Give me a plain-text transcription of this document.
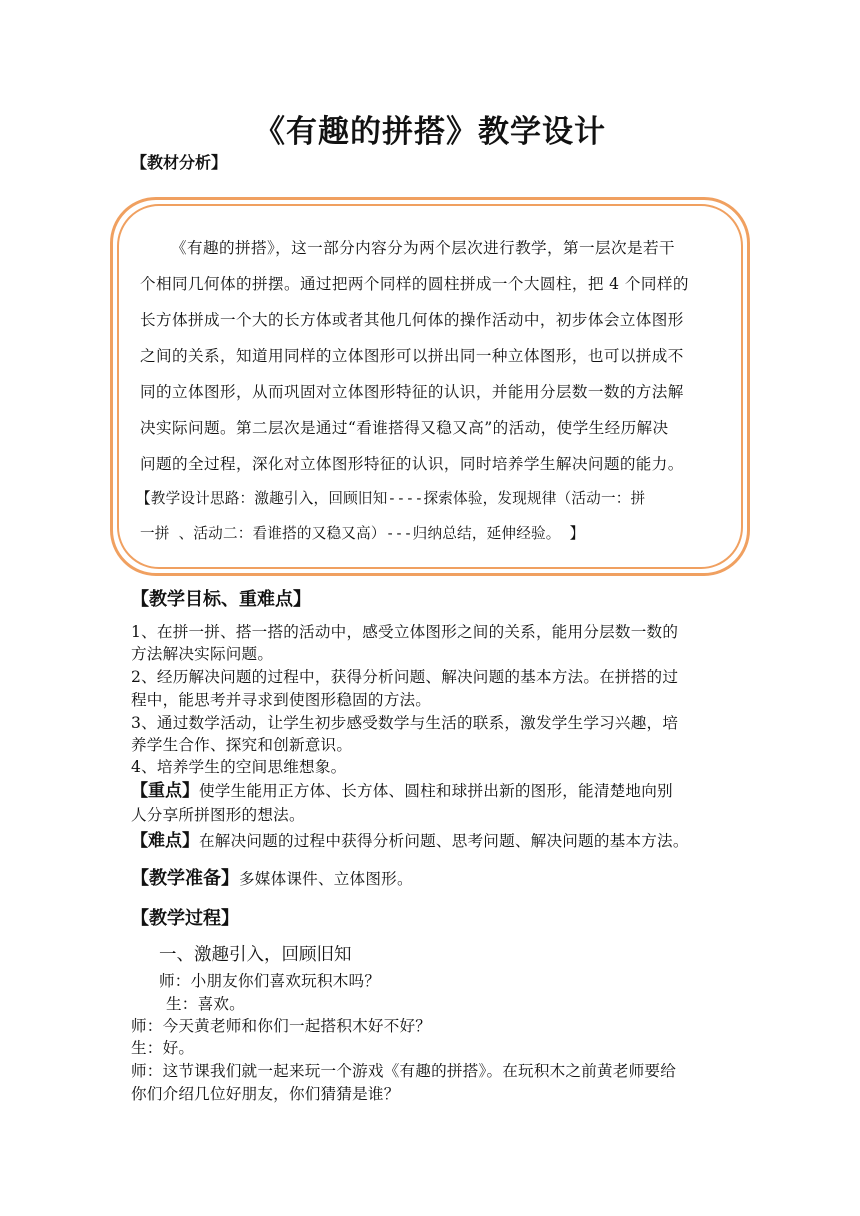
《有趣的拼搭》教学设计
【教材分析】
《有趣的拼搭》，这一部分内容分为两个层次进行教学，第一层次是若干
个相同几何体的拼摆。通过把两个同样的圆柱拼成一个大圆柱，把 4 个同样的
长方体拼成一个大的长方体或者其他几何体的操作活动中，初步体会立体图形
之间的关系，知道用同样的立体图形可以拼出同一种立体图形，也可以拼成不
同的立体图形，从而巩固对立体图形特征的认识，并能用分层数一数的方法解
决实际问题。第二层次是通过“看谁搭得又稳又高”的活动，使学生经历解决
问题的全过程，深化对立体图形特征的认识，同时培养学生解决问题的能力。
【教学设计思路：激趣引入，回顾旧知----探索体验，发现规律（活动一：拼
一拼 、活动二：看谁搭的又稳又高）---归纳总结，延伸经验。 】
【教学目标、重难点】
1、在拼一拼、搭一搭的活动中，感受立体图形之间的关系，能用分层数一数的
方法解决实际问题。
2、经历解决问题的过程中，获得分析问题、解决问题的基本方法。在拼搭的过
程中，能思考并寻求到使图形稳固的方法。
3、通过数学活动，让学生初步感受数学与生活的联系，激发学生学习兴趣，培
养学生合作、探究和创新意识。
4、培养学生的空间思维想象。
【重点】使学生能用正方体、长方体、圆柱和球拼出新的图形，能清楚地向别
人分享所拼图形的想法。
【难点】在解决问题的过程中获得分析问题、思考问题、解决问题的基本方法。
【教学准备】多媒体课件、立体图形。
【教学过程】
一、激趣引入，回顾旧知
师：小朋友你们喜欢玩积木吗？
生：喜欢。
师：今天黄老师和你们一起搭积木好不好？
生：好。
师：这节课我们就一起来玩一个游戏《有趣的拼搭》。在玩积木之前黄老师要给
你们介绍几位好朋友，你们猜猜是谁？
